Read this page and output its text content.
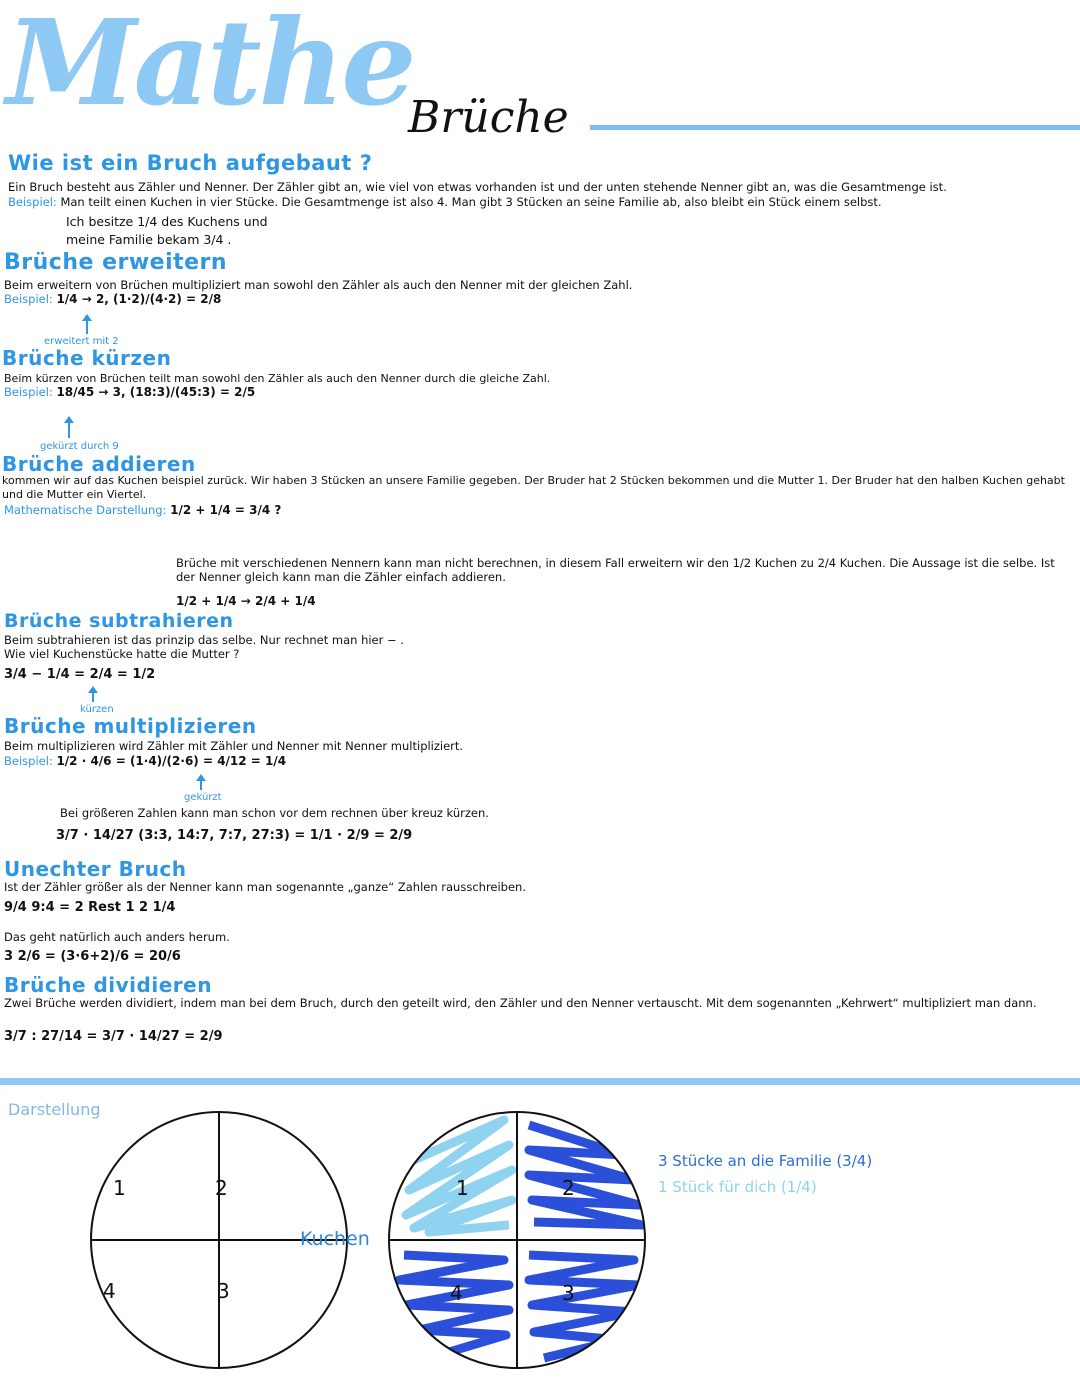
Mathe
Brüche
Wie ist ein Bruch aufgebaut ?
Ein Bruch besteht aus Zähler und Nenner. Der Zähler gibt an, wie viel von etwas vorhanden ist und der unten stehende Nenner gibt an, was die Gesamtmenge ist.
Beispiel: Man teilt einen Kuchen in vier Stücke. Die Gesamtmenge ist also 4. Man gibt 3 Stücken an seine Familie ab, also bleibt ein Stück einem selbst.
Ich besitze 1/4 des Kuchens und
meine Familie bekam 3/4 .
Brüche erweitern
Beim erweitern von Brüchen multipliziert man sowohl den Zähler als auch den Nenner mit der gleichen Zahl.
Beispiel: 1/4 → 2, (1·2)/(4·2) = 2/8
erweitert mit 2
Brüche kürzen
Beim kürzen von Brüchen teilt man sowohl den Zähler als auch den Nenner durch die gleiche Zahl.
Beispiel: 18/45 → 3, (18:3)/(45:3) = 2/5
gekürzt durch 9
Brüche addieren
kommen wir auf das Kuchen beispiel zurück. Wir haben 3 Stücken an unsere Familie gegeben. Der Bruder hat 2 Stücken bekommen und die Mutter 1. Der Bruder hat den halben Kuchen gehabt und die Mutter ein Viertel.
Mathematische Darstellung: 1/2 + 1/4 = 3/4 ?
Brüche mit verschiedenen Nennern kann man nicht berechnen, in diesem Fall erweitern wir den 1/2 Kuchen zu 2/4 Kuchen. Die Aussage ist die selbe. Ist der Nenner gleich kann man die Zähler einfach addieren.
1/2 + 1/4 → 2/4 + 1/4
Brüche subtrahieren
Beim subtrahieren ist das prinzip das selbe. Nur rechnet man hier − .
Wie viel Kuchenstücke hatte die Mutter ?
3/4 − 1/4 = 2/4 = 1/2
kürzen
Brüche multiplizieren
Beim multiplizieren wird Zähler mit Zähler und Nenner mit Nenner multipliziert.
Beispiel: 1/2 · 4/6 = (1·4)/(2·6) = 4/12 = 1/4
gekürzt
Bei größeren Zahlen kann man schon vor dem rechnen über kreuz kürzen.
3/7 · 14/27 (3:3, 14:7, 7:7, 27:3) = 1/1 · 2/9 = 2/9
Unechter Bruch
Ist der Zähler größer als der Nenner kann man sogenannte „ganze“ Zahlen rausschreiben.
9/4 9:4 = 2 Rest 1 2 1/4
Das geht natürlich auch anders herum.
3 2/6 = (3·6+2)/6 = 20/6
Brüche dividieren
Zwei Brüche werden dividiert, indem man bei dem Bruch, durch den geteilt wird, den Zähler und den Nenner vertauscht. Mit dem sogenannten „Kehrwert“ multipliziert man dann.
3/7 : 27/14 = 3/7 · 14/27 = 2/9
Darstellung
1	2
4	3
Kuchen
1	2
4	3
3 Stücke an die Familie (3/4)
1 Stück für dich (1/4)
